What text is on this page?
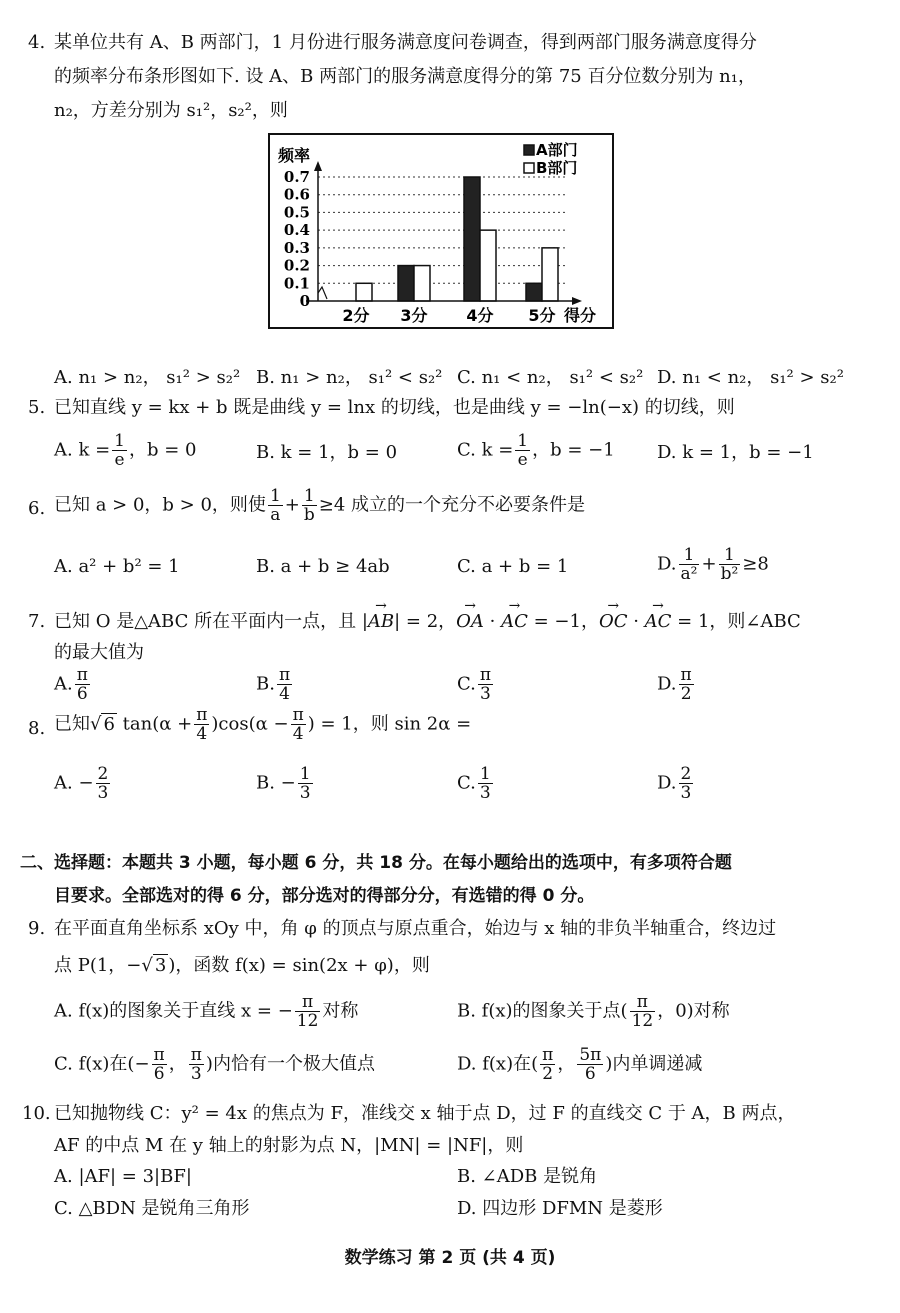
4. 某单位共有 A、B 两部门，1 月份进行服务满意度问卷调查，得到两部门服务满意度得分
的频率分布条形图如下. 设 A、B 两部门的服务满意度得分的第 75 百分位数分别为 n₁，
n₂，方差分别为 s₁²，s₂²，则
0
0.1
0.2
0.3
0.4
0.5
0.6
0.7
2分 3分 4分 5分
频率
得分
A部门
B部门
A. n₁ > n₂， s₁² > s₂² B. n₁ > n₂， s₁² < s₂² C. n₁ < n₂， s₁² < s₂² D. n₁ < n₂， s₁² > s₂²
5. 已知直线 y = kx + b 既是曲线 y = lnx 的切线，也是曲线 y = −ln(−x) 的切线，则
A. $k = \frac{1}{e}$ ，b = 0	B. k = 1，b = 0	C. $k = \frac{1}{e}$ ，b = −1 D. k = 1，b = −1
6. 已知 a > 0，b > 0，则使 $\frac{1}{a} + \frac{1}{b} \ge 4$ 成立的一个充分不必要条件是
A. a² + b² = 1	B. a + b ≥ 4ab	C. a + b = 1	D. $\frac{1}{\text{a²}} + \frac{1}{\text{b²}} \ge 8$
7. 已知 O 是△ABC 所在平面内一点，且 |→ AB| = 2，→ OA · → AC = −1，→ OC · → AC = 1，则∠ABC
的最大值为
A. $\frac{\pi}{6}$	B. $\frac{\pi}{4}$	C. $\frac{\pi}{3}$	D. $\frac{\pi}{2}$
8. 已知√ 6 $\tan(\alpha + \frac{\pi}{4} )\cos(\alpha - \frac{\pi}{4}$ ) = 1，则 sin 2α =
A. − $\frac{2}{3}$	B. − $\frac{1}{3}$	C. $\frac{1}{3}$	D. $\frac{2}{3}$
二、选择题：本题共 3 小题，每小题 6 分，共 18 分。在每小题给出的选项中，有多项符合题
目要求。全部选对的得 6 分，部分选对的得部分分，有选错的得 0 分。
9. 在平面直角坐标系 xOy 中，角 φ 的顶点与原点重合，始边与 x 轴的非负半轴重合，终边过
点 P(1，−√ 3 )，函数 f(x) = sin(2x + φ)，则
A. f(x)的图象关于直线 x = − $\frac{\pi}{12}$ 对称	B. f(x)的图象关于点( $\frac{\pi}{12}$ ，0)对称
C. f(x)在(− $\frac{\pi}{6}$ ， $\frac{\pi}{3}$ )内恰有一个极大值点	D. f(x)在( $\frac{\pi}{2}$ ， $\frac{5\pi}{6}$ )内单调递减
10. 已知抛物线 C：y² = 4x 的焦点为 F，准线交 x 轴于点 D，过 F 的直线交 C 于 A，B 两点，
AF 的中点 M 在 y 轴上的射影为点 N，|MN| = |NF|，则
A. |AF| = 3|BF|	B. ∠ADB 是锐角
C. △BDN 是锐角三角形	D. 四边形 DFMN 是菱形
数学练习 第 2 页 (共 4 页)
